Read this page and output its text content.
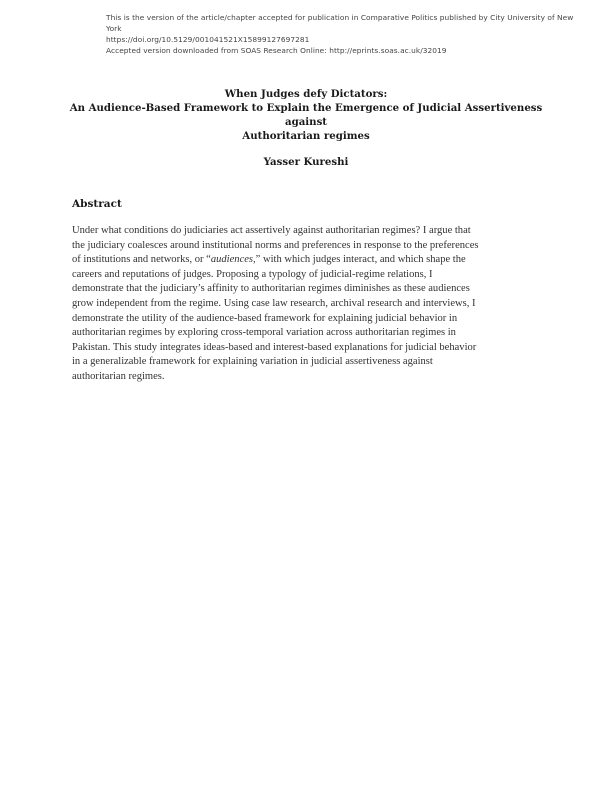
This is the version of the article/chapter accepted for publication in Comparative Politics published by City University of New
York
https://doi.org/10.5129/001041521X15899127697281
Accepted version downloaded from SOAS Research Online: http://eprints.soas.ac.uk/32019
When Judges defy Dictators:
An Audience-Based Framework to Explain the Emergence of Judicial Assertiveness against
Authoritarian regimes
Yasser Kureshi
Abstract
Under what conditions do judiciaries act assertively against authoritarian regimes? I argue that
the judiciary coalesces around institutional norms and preferences in response to the preferences
of institutions and networks, or “audiences,” with which judges interact, and which shape the
careers and reputations of judges. Proposing a typology of judicial-regime relations, I
demonstrate that the judiciary’s affinity to authoritarian regimes diminishes as these audiences
grow independent from the regime. Using case law research, archival research and interviews, I
demonstrate the utility of the audience-based framework for explaining judicial behavior in
authoritarian regimes by exploring cross-temporal variation across authoritarian regimes in
Pakistan. This study integrates ideas-based and interest-based explanations for judicial behavior
in a generalizable framework for explaining variation in judicial assertiveness against
authoritarian regimes.
